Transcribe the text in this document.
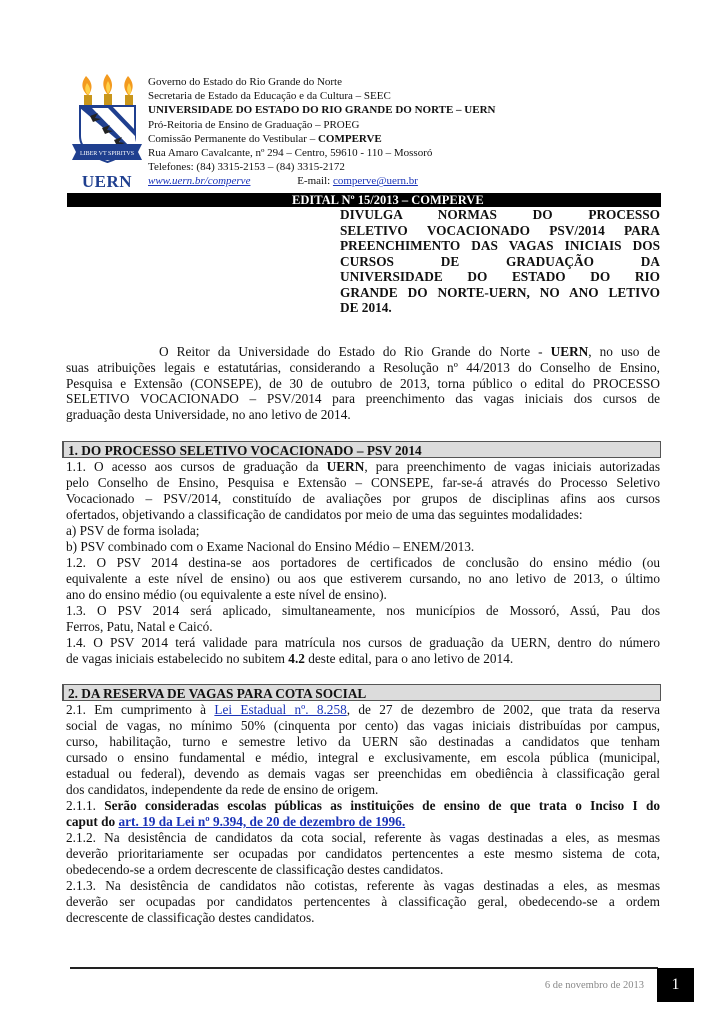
LIBER VT SPIRITVS
UERN
Governo do Estado do Rio Grande do Norte
Secretaria de Estado da Educação e da Cultura – SEEC
UNIVERSIDADE DO ESTADO DO RIO GRANDE DO NORTE – UERN
Pró-Reitoria de Ensino de Graduação – PROEG
Comissão Permanente do Vestibular – COMPERVE
Rua Amaro Cavalcante, nº 294 – Centro, 59610 - 110 – Mossoró
Telefones: (84) 3315-2153 – (84) 3315-2172
www.uern.br/comperve	E-mail: comperve@uern.br
EDITAL Nº 15/2013 – COMPERVE
DIVULGA NORMAS DO PROCESSO
SELETIVO VOCACIONADO PSV/2014 PARA
PREENCHIMENTO DAS VAGAS INICIAIS DOS
CURSOS DE GRADUAÇÃO DA
UNIVERSIDADE DO ESTADO DO RIO
GRANDE DO NORTE-UERN, NO ANO LETIVO
DE 2014.
O Reitor da Universidade do Estado do Rio Grande do Norte - UERN, no uso de
suas atribuições legais e estatutárias, considerando a Resolução nº 44/2013 do Conselho de Ensino,
Pesquisa e Extensão (CONSEPE), de 30 de outubro de 2013, torna público o edital do PROCESSO
SELETIVO VOCACIONADO – PSV/2014 para preenchimento das vagas iniciais dos cursos de
graduação desta Universidade, no ano letivo de 2014.
1. DO PROCESSO SELETIVO VOCACIONADO – PSV 2014
1.1. O acesso aos cursos de graduação da UERN, para preenchimento de vagas iniciais autorizadas
pelo Conselho de Ensino, Pesquisa e Extensão – CONSEPE, far-se-á através do Processo Seletivo
Vocacionado – PSV/2014, constituído de avaliações por grupos de disciplinas afins aos cursos
ofertados, objetivando a classificação de candidatos por meio de uma das seguintes modalidades:
a) PSV de forma isolada;
b) PSV combinado com o Exame Nacional do Ensino Médio – ENEM/2013.
1.2. O PSV 2014 destina-se aos portadores de certificados de conclusão do ensino médio (ou
equivalente a este nível de ensino) ou aos que estiverem cursando, no ano letivo de 2013, o último
ano do ensino médio (ou equivalente a este nível de ensino).
1.3. O PSV 2014 será aplicado, simultaneamente, nos municípios de Mossoró, Assú, Pau dos
Ferros, Patu, Natal e Caicó.
1.4. O PSV 2014 terá validade para matrícula nos cursos de graduação da UERN, dentro do número
de vagas iniciais estabelecido no subitem 4.2 deste edital, para o ano letivo de 2014.
2. DA RESERVA DE VAGAS PARA COTA SOCIAL
2.1. Em cumprimento à Lei Estadual nº. 8.258, de 27 de dezembro de 2002, que trata da reserva
social de vagas, no mínimo 50% (cinquenta por cento) das vagas iniciais distribuídas por campus,
curso, habilitação, turno e semestre letivo da UERN são destinadas a candidatos que tenham
cursado o ensino fundamental e médio, integral e exclusivamente, em escola pública (municipal,
estadual ou federal), devendo as demais vagas ser preenchidas em obediência à classificação geral
dos candidatos, independente da rede de ensino de origem.
2.1.1. Serão consideradas escolas públicas as instituições de ensino de que trata o Inciso I do
caput do art. 19 da Lei nº 9.394, de 20 de dezembro de 1996.
2.1.2. Na desistência de candidatos da cota social, referente às vagas destinadas a eles, as mesmas
deverão prioritariamente ser ocupadas por candidatos pertencentes a este mesmo sistema de cota,
obedecendo-se a ordem decrescente de classificação destes candidatos.
2.1.3. Na desistência de candidatos não cotistas, referente às vagas destinadas a eles, as mesmas
deverão ser ocupadas por candidatos pertencentes à classificação geral, obedecendo-se a ordem
decrescente de classificação destes candidatos.
6 de novembro de 2013	1
